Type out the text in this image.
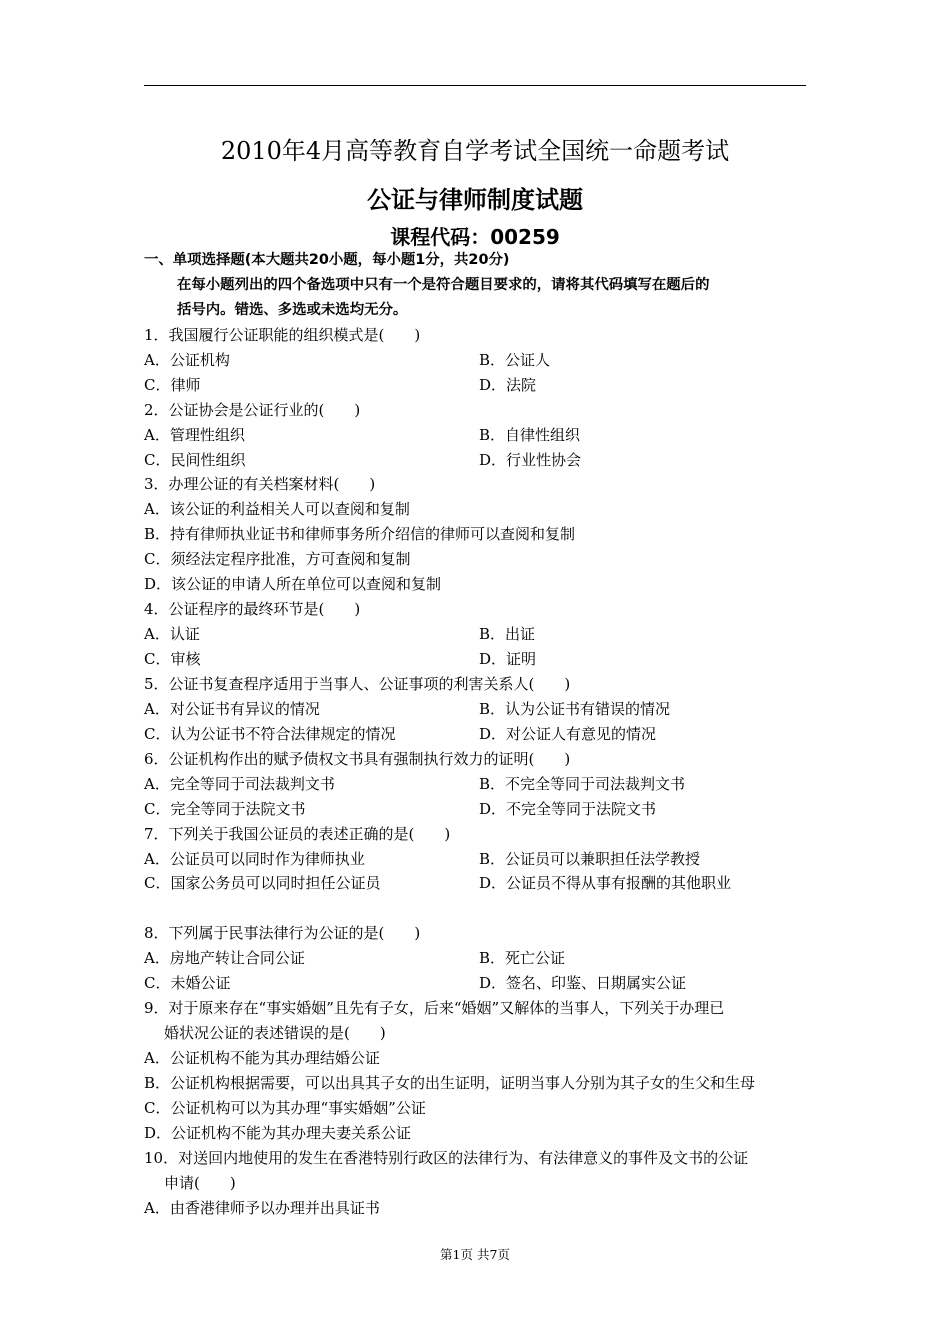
2010年4月高等教育自学考试全国统一命题考试
公证与律师制度试题
课程代码：00259
一、单项选择题(本大题共20小题，每小题1分，共20分)
在每小题列出的四个备选项中只有一个是符合题目要求的，请将其代码填写在题后的
括号内。错选、多选或未选均无分。
1．我国履行公证职能的组织模式是(　　)
A．公证机构	B．公证人
C．律师	D．法院
2．公证协会是公证行业的(　　)
A．管理性组织	B．自律性组织
C．民间性组织	D．行业性协会
3．办理公证的有关档案材料(　　)
A．该公证的利益相关人可以查阅和复制
B．持有律师执业证书和律师事务所介绍信的律师可以查阅和复制
C．须经法定程序批准，方可查阅和复制
D．该公证的申请人所在单位可以查阅和复制
4．公证程序的最终环节是(　　)
A．认证	B．出证
C．审核	D．证明
5．公证书复查程序适用于当事人、公证事项的利害关系人(　　)
A．对公证书有异议的情况	B．认为公证书有错误的情况
C．认为公证书不符合法律规定的情况	D．对公证人有意见的情况
6．公证机构作出的赋予债权文书具有强制执行效力的证明(　　)
A．完全等同于司法裁判文书	B．不完全等同于司法裁判文书
C．完全等同于法院文书	D．不完全等同于法院文书
7．下列关于我国公证员的表述正确的是(　　)
A．公证员可以同时作为律师执业	B．公证员可以兼职担任法学教授
C．国家公务员可以同时担任公证员	D．公证员不得从事有报酬的其他职业
8．下列属于民事法律行为公证的是(　　)
A．房地产转让合同公证	B．死亡公证
C．未婚公证	D．签名、印鉴、日期属实公证
9．对于原来存在“事实婚姻”且先有子女，后来“婚姻”又解体的当事人，下列关于办理已
婚状况公证的表述错误的是(　　)
A．公证机构不能为其办理结婚公证
B．公证机构根据需要，可以出具其子女的出生证明，证明当事人分别为其子女的生父和生母
C．公证机构可以为其办理“事实婚姻”公证
D．公证机构不能为其办理夫妻关系公证
10．对送回内地使用的发生在香港特别行政区的法律行为、有法律意义的事件及文书的公证
申请(　　)
A．由香港律师予以办理并出具证书
第1页 共7页
